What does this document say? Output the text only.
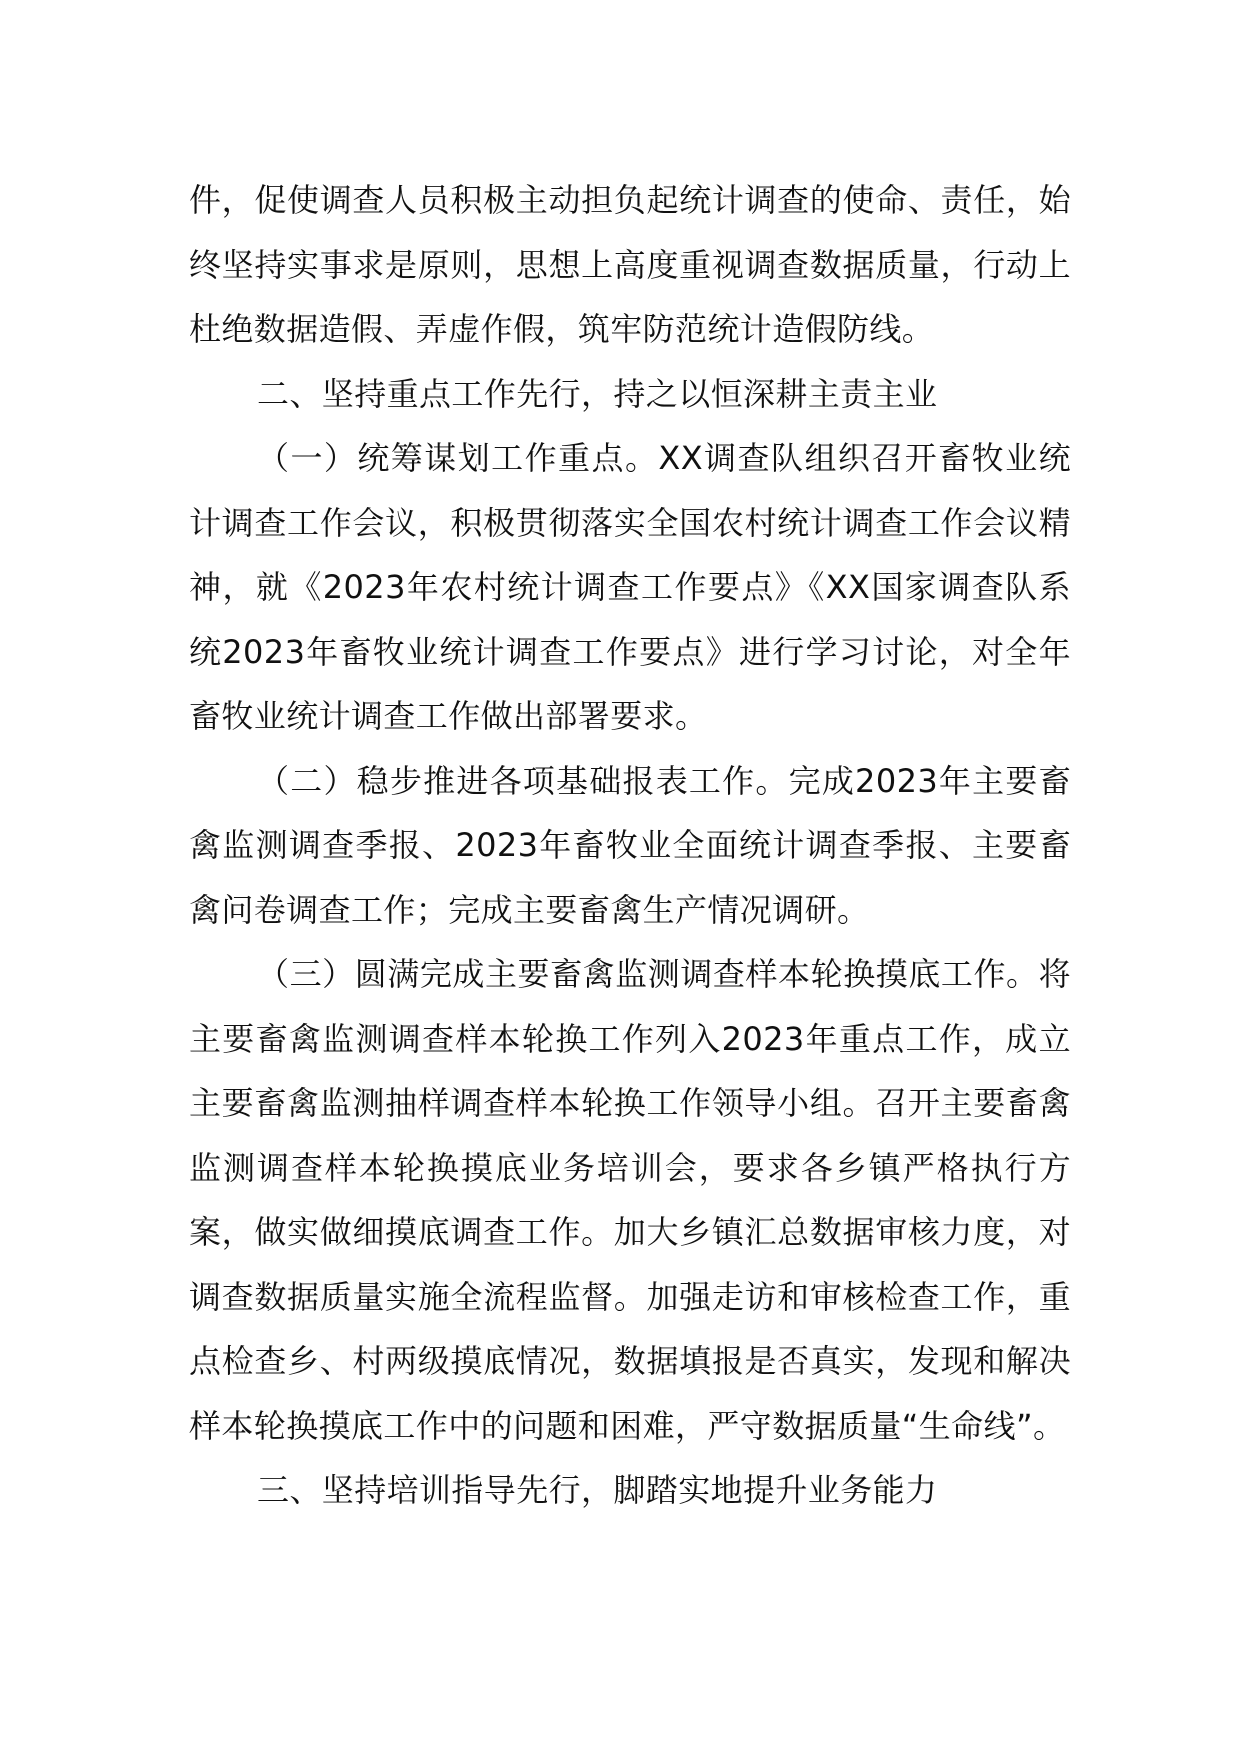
件，促使调查人员积极主动担负起统计调查的使命、责任，始终坚持实事求是原则，思想上高度重视调查数据质量，行动上杜绝数据造假、弄虚作假，筑牢防范统计造假防线。

二、坚持重点工作先行，持之以恒深耕主责主业

（一）统筹谋划工作重点。XX调查队组织召开畜牧业统计调查工作会议，积极贯彻落实全国农村统计调查工作会议精神，就《2023年农村统计调查工作要点》《XX国家调查队系统2023年畜牧业统计调查工作要点》进行学习讨论，对全年畜牧业统计调查工作做出部署要求。

（二）稳步推进各项基础报表工作。完成2023年主要畜禽监测调查季报、2023年畜牧业全面统计调查季报、主要畜禽问卷调查工作；完成主要畜禽生产情况调研。

（三）圆满完成主要畜禽监测调查样本轮换摸底工作。将主要畜禽监测调查样本轮换工作列入2023年重点工作，成立主要畜禽监测抽样调查样本轮换工作领导小组。召开主要畜禽监测调查样本轮换摸底业务培训会，要求各乡镇严格执行方案，做实做细摸底调查工作。加大乡镇汇总数据审核力度，对调查数据质量实施全流程监督。加强走访和审核检查工作，重点检查乡、村两级摸底情况，数据填报是否真实，发现和解决样本轮换摸底工作中的问题和困难，严守数据质量“生命线”。

三、坚持培训指导先行，脚踏实地提升业务能力
